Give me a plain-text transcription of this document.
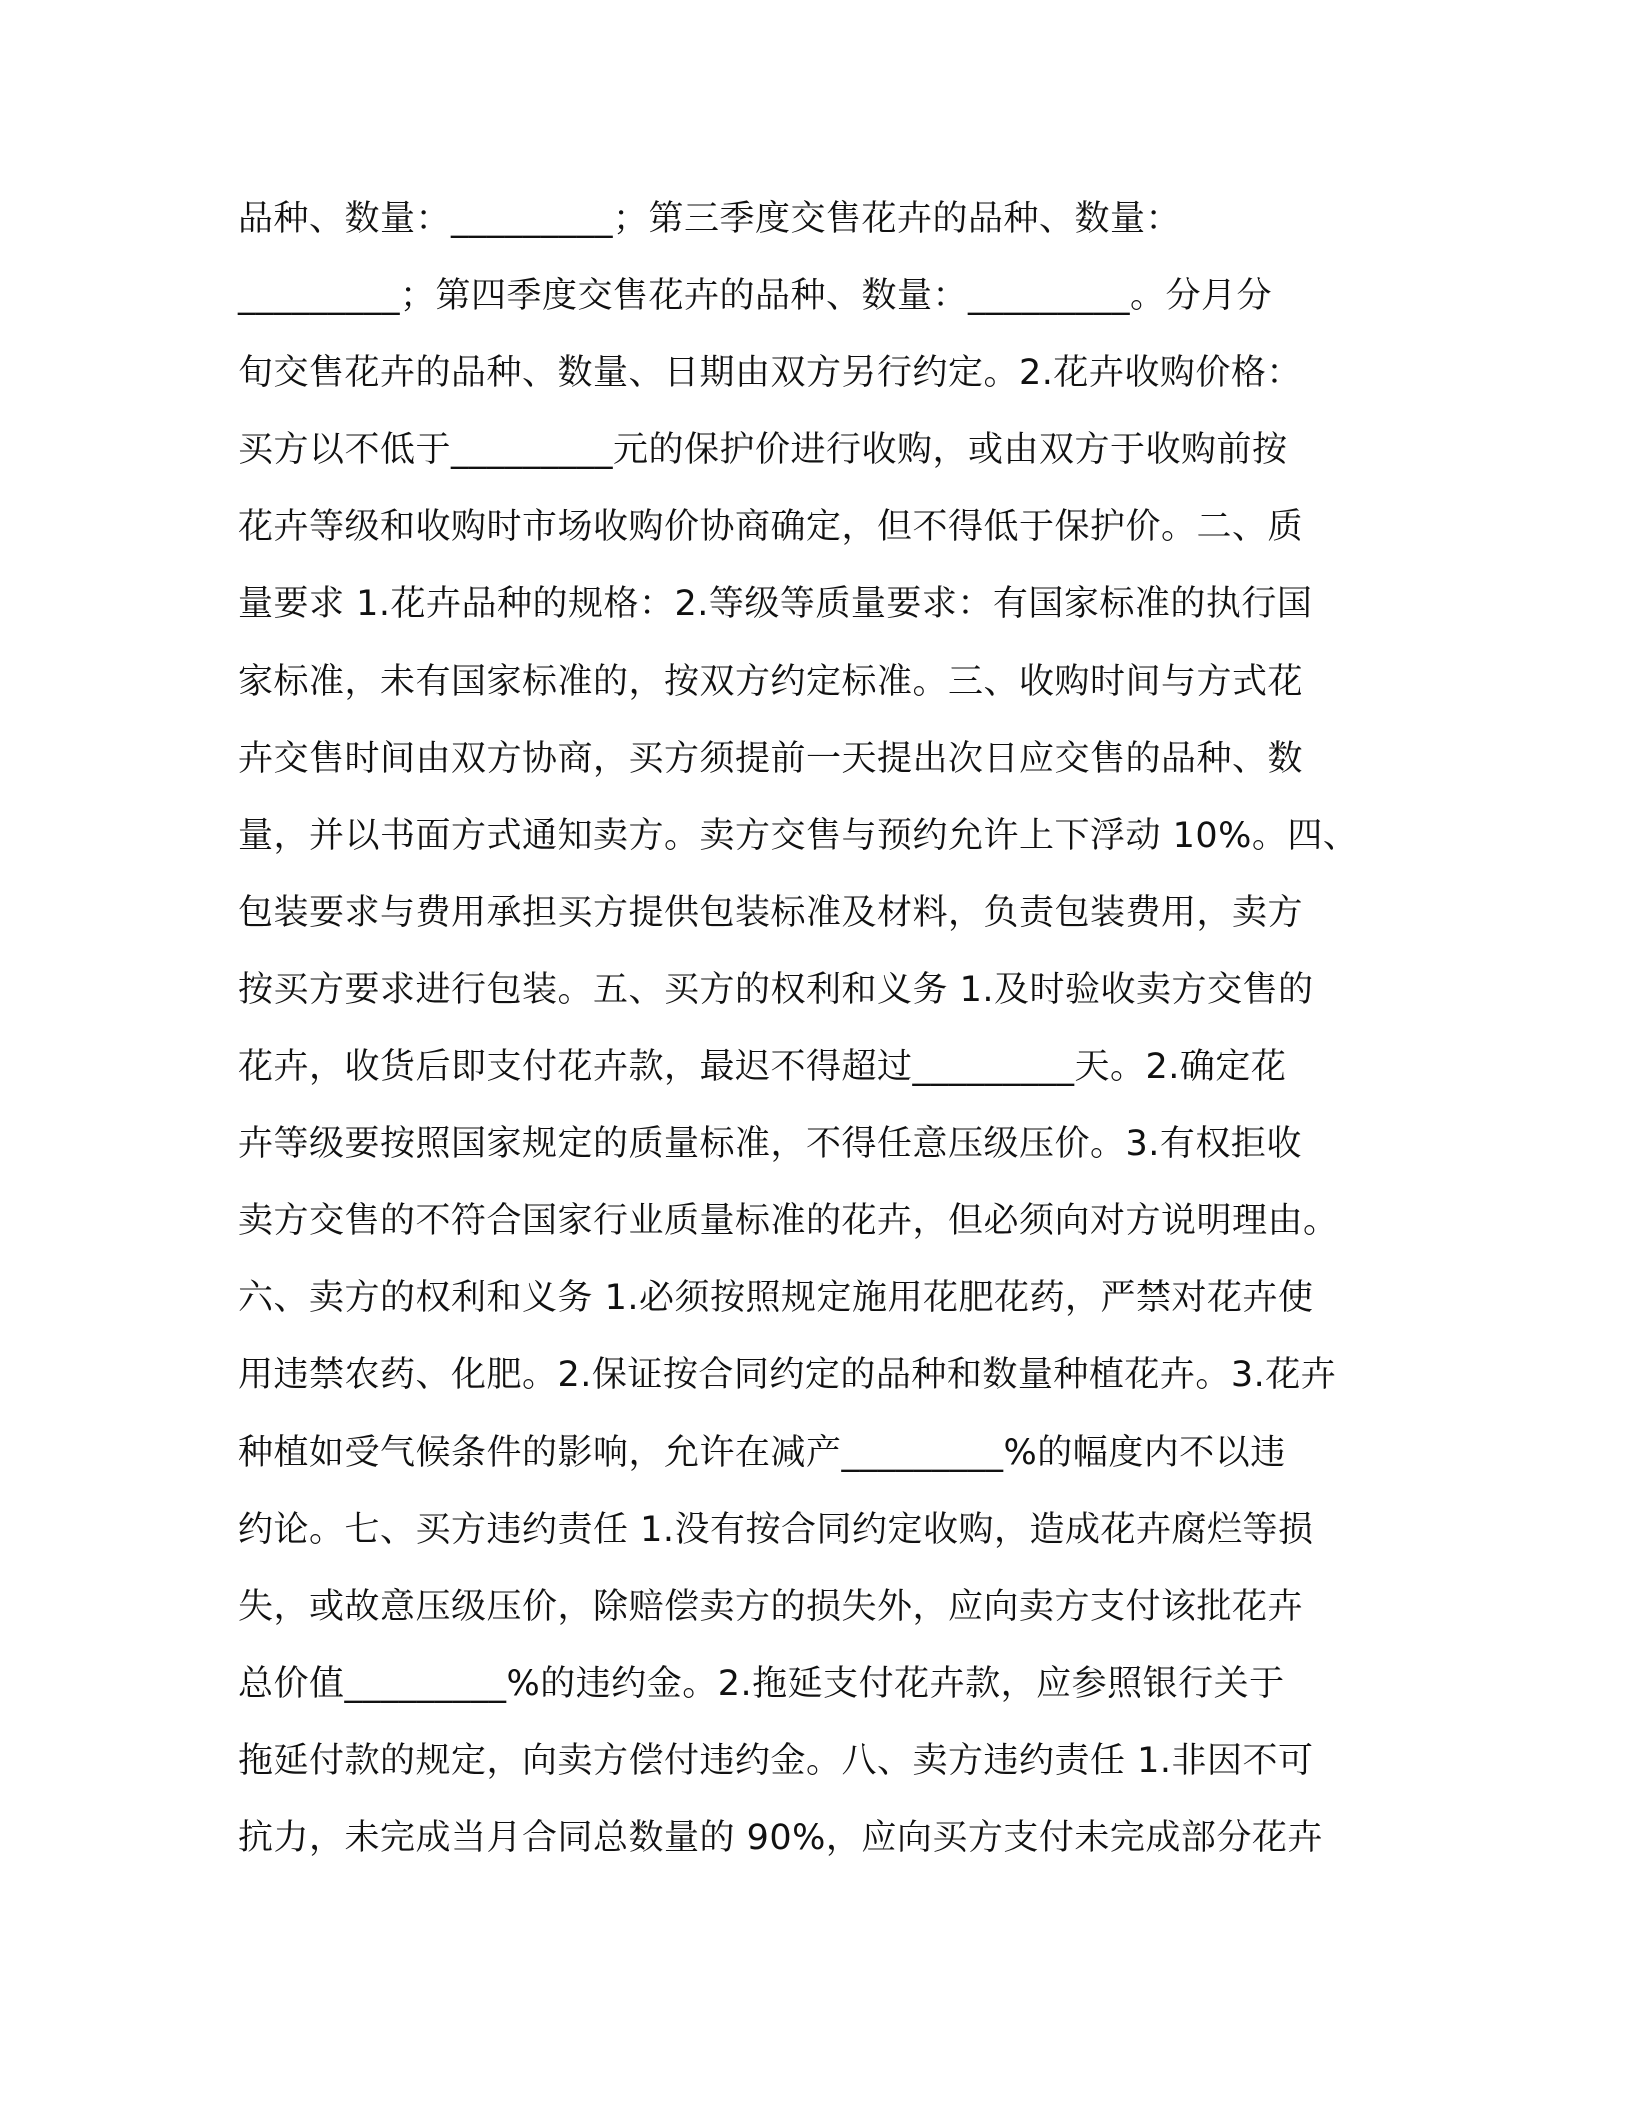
品种、数量：_________；第三季度交售花卉的品种、数量：
_________；第四季度交售花卉的品种、数量：_________。分月分
旬交售花卉的品种、数量、日期由双方另行约定。2.花卉收购价格：
买方以不低于_________元的保护价进行收购，或由双方于收购前按
花卉等级和收购时市场收购价协商确定，但不得低于保护价。二、质
量要求 1.花卉品种的规格：2.等级等质量要求：有国家标准的执行国
家标准，未有国家标准的，按双方约定标准。三、收购时间与方式花
卉交售时间由双方协商，买方须提前一天提出次日应交售的品种、数
量，并以书面方式通知卖方。卖方交售与预约允许上下浮动 10%。四、
包装要求与费用承担买方提供包装标准及材料，负责包装费用，卖方
按买方要求进行包装。五、买方的权利和义务 1.及时验收卖方交售的
花卉，收货后即支付花卉款，最迟不得超过_________天。2.确定花
卉等级要按照国家规定的质量标准，不得任意压级压价。3.有权拒收
卖方交售的不符合国家行业质量标准的花卉，但必须向对方说明理由。
六、卖方的权利和义务 1.必须按照规定施用花肥花药，严禁对花卉使
用违禁农药、化肥。2.保证按合同约定的品种和数量种植花卉。3.花卉
种植如受气候条件的影响，允许在减产_________%的幅度内不以违
约论。七、买方违约责任 1.没有按合同约定收购，造成花卉腐烂等损
失，或故意压级压价，除赔偿卖方的损失外，应向卖方支付该批花卉
总价值_________%的违约金。2.拖延支付花卉款，应参照银行关于
拖延付款的规定，向卖方偿付违约金。八、卖方违约责任 1.非因不可
抗力，未完成当月合同总数量的 90%，应向买方支付未完成部分花卉
